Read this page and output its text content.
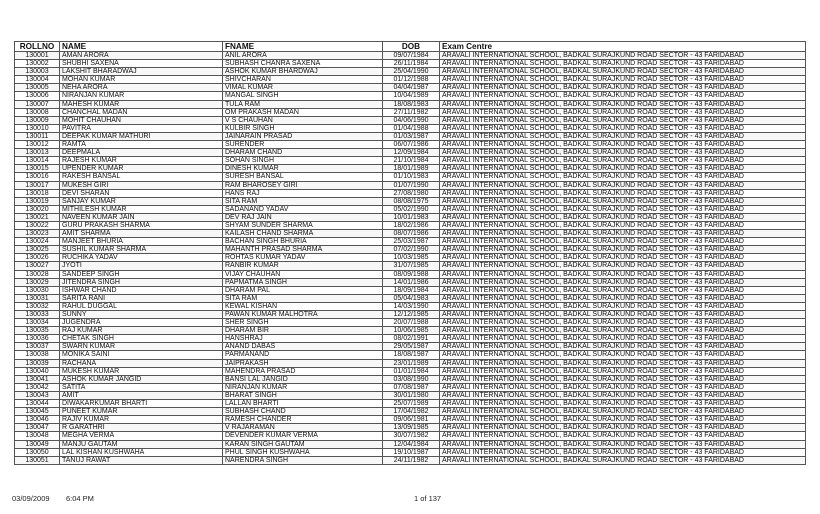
ROLLNO	NAME	FNAME	DOB	Exam Centre
130001	AMAN ARORA	ANIL ARORA	09/07/1984	ARAVALI INTERNATIONAL SCHOOL, BADKAL SURAJKUND ROAD SECTOR - 43 FARIDABAD
130002	SHUBHI SAXENA	SUBHASH CHANRA SAXENA	26/11/1984	ARAVALI INTERNATIONAL SCHOOL, BADKAL SURAJKUND ROAD SECTOR - 43 FARIDABAD
130003	LAKSHIT BHARADWAJ	ASHOK KUMAR BHARDWAJ	25/04/1990	ARAVALI INTERNATIONAL SCHOOL, BADKAL SURAJKUND ROAD SECTOR - 43 FARIDABAD
130004	MOHAN KUMAR	SHIVCHARAN	01/12/1988	ARAVALI INTERNATIONAL SCHOOL, BADKAL SURAJKUND ROAD SECTOR - 43 FARIDABAD
130005	NEHA ARORA	VIMAL KUMAR	04/04/1987	ARAVALI INTERNATIONAL SCHOOL, BADKAL SURAJKUND ROAD SECTOR - 43 FARIDABAD
130006	NIRANJAN KUMAR	MANGAL SINGH	10/04/1989	ARAVALI INTERNATIONAL SCHOOL, BADKAL SURAJKUND ROAD SECTOR - 43 FARIDABAD
130007	MAHESH KUMAR	TULA RAM	18/08/1983	ARAVALI INTERNATIONAL SCHOOL, BADKAL SURAJKUND ROAD SECTOR - 43 FARIDABAD
130008	CHANCHAL MADAN	OM PRAKASH MADAN	27/11/1982	ARAVALI INTERNATIONAL SCHOOL, BADKAL SURAJKUND ROAD SECTOR - 43 FARIDABAD
130009	MOHIT CHAUHAN	V S CHAUHAN	04/06/1990	ARAVALI INTERNATIONAL SCHOOL, BADKAL SURAJKUND ROAD SECTOR - 43 FARIDABAD
130010	PAVITRA	KULBIR SINGH	01/04/1988	ARAVALI INTERNATIONAL SCHOOL, BADKAL SURAJKUND ROAD SECTOR - 43 FARIDABAD
130011	DEEPAK KUMAR MATHURI	JAINARAIN PRASAD	01/03/1987	ARAVALI INTERNATIONAL SCHOOL, BADKAL SURAJKUND ROAD SECTOR - 43 FARIDABAD
130012	RAMTA	SURENDER	06/07/1986	ARAVALI INTERNATIONAL SCHOOL, BADKAL SURAJKUND ROAD SECTOR - 43 FARIDABAD
130013	DEEPMALA	DHARAM CHAND	12/09/1984	ARAVALI INTERNATIONAL SCHOOL, BADKAL SURAJKUND ROAD SECTOR - 43 FARIDABAD
130014	RAJESH KUMAR	SOHAN SINGH	21/10/1984	ARAVALI INTERNATIONAL SCHOOL, BADKAL SURAJKUND ROAD SECTOR - 43 FARIDABAD
130015	UPENDER KUMAR	DINESH KUMAR	18/01/1989	ARAVALI INTERNATIONAL SCHOOL, BADKAL SURAJKUND ROAD SECTOR - 43 FARIDABAD
130016	RAKESH BANSAL	SURESH BANSAL	01/10/1983	ARAVALI INTERNATIONAL SCHOOL, BADKAL SURAJKUND ROAD SECTOR - 43 FARIDABAD
130017	MUKESH GIRI	RAM BHAROSEY GIRI	01/07/1990	ARAVALI INTERNATIONAL SCHOOL, BADKAL SURAJKUND ROAD SECTOR - 43 FARIDABAD
130018	DEVI SHARAN	HANS RAJ	27/08/1980	ARAVALI INTERNATIONAL SCHOOL, BADKAL SURAJKUND ROAD SECTOR - 43 FARIDABAD
130019	SANJAY KUMAR	SITA RAM	08/08/1975	ARAVALI INTERNATIONAL SCHOOL, BADKAL SURAJKUND ROAD SECTOR - 43 FARIDABAD
130020	MITHILESH KUMAR	SADANAND YADAV	05/02/1990	ARAVALI INTERNATIONAL SCHOOL, BADKAL SURAJKUND ROAD SECTOR - 43 FARIDABAD
130021	NAVEEN KUMAR JAIN	DEV RAJ JAIN	10/01/1983	ARAVALI INTERNATIONAL SCHOOL, BADKAL SURAJKUND ROAD SECTOR - 43 FARIDABAD
130022	GURU PRAKASH SHARMA	SHYAM SUNDER SHARMA	18/02/1986	ARAVALI INTERNATIONAL SCHOOL, BADKAL SURAJKUND ROAD SECTOR - 43 FARIDABAD
130023	AMIT SHARMA	KAILASH CHAND SHARMA	08/07/1986	ARAVALI INTERNATIONAL SCHOOL, BADKAL SURAJKUND ROAD SECTOR - 43 FARIDABAD
130024	MANJEET BHURIA	BACHAN SINGH BHURIA	25/03/1987	ARAVALI INTERNATIONAL SCHOOL, BADKAL SURAJKUND ROAD SECTOR - 43 FARIDABAD
130025	SUSHIL KUMAR SHARMA	MAHANTH PRASAD SHARMA	07/02/1990	ARAVALI INTERNATIONAL SCHOOL, BADKAL SURAJKUND ROAD SECTOR - 43 FARIDABAD
130026	RUCHIKA YADAV	ROHTAS KUMAR YADAV	10/03/1985	ARAVALI INTERNATIONAL SCHOOL, BADKAL SURAJKUND ROAD SECTOR - 43 FARIDABAD
130027	JYOTI	RANBIR KUMAR	31/07/1985	ARAVALI INTERNATIONAL SCHOOL, BADKAL SURAJKUND ROAD SECTOR - 43 FARIDABAD
130028	SANDEEP SINGH	VIJAY CHAUHAN	08/09/1988	ARAVALI INTERNATIONAL SCHOOL, BADKAL SURAJKUND ROAD SECTOR - 43 FARIDABAD
130029	JITENDRA SINGH	PAPMATMA SINGH	14/01/1986	ARAVALI INTERNATIONAL SCHOOL, BADKAL SURAJKUND ROAD SECTOR - 43 FARIDABAD
130030	ISHWAR CHAND	DHARAM PAL	18/09/1984	ARAVALI INTERNATIONAL SCHOOL, BADKAL SURAJKUND ROAD SECTOR - 43 FARIDABAD
130031	SARITA RANI	SITA RAM	05/04/1983	ARAVALI INTERNATIONAL SCHOOL, BADKAL SURAJKUND ROAD SECTOR - 43 FARIDABAD
130032	RAHUL DUGGAL	KEWAL KISHAN	14/03/1990	ARAVALI INTERNATIONAL SCHOOL, BADKAL SURAJKUND ROAD SECTOR - 43 FARIDABAD
130033	SUNNY	PAWAN KUMAR MALHOTRA	12/12/1985	ARAVALI INTERNATIONAL SCHOOL, BADKAL SURAJKUND ROAD SECTOR - 43 FARIDABAD
130034	JUGENDRA	SHER SINGH	20/07/1988	ARAVALI INTERNATIONAL SCHOOL, BADKAL SURAJKUND ROAD SECTOR - 43 FARIDABAD
130035	RAJ KUMAR	DHARAM BIR	10/06/1985	ARAVALI INTERNATIONAL SCHOOL, BADKAL SURAJKUND ROAD SECTOR - 43 FARIDABAD
130036	CHETAK SINGH	HANSHRAJ	08/02/1991	ARAVALI INTERNATIONAL SCHOOL, BADKAL SURAJKUND ROAD SECTOR - 43 FARIDABAD
130037	SWARN KUMAR	ANAND DABAS	29/05/1987	ARAVALI INTERNATIONAL SCHOOL, BADKAL SURAJKUND ROAD SECTOR - 43 FARIDABAD
130038	MONIKA SAINI	PARMANAND	18/08/1987	ARAVALI INTERNATIONAL SCHOOL, BADKAL SURAJKUND ROAD SECTOR - 43 FARIDABAD
130039	RACHANA	JAIPRAKASH	23/01/1989	ARAVALI INTERNATIONAL SCHOOL, BADKAL SURAJKUND ROAD SECTOR - 43 FARIDABAD
130040	MUKESH KUMAR	MAHENDRA PRASAD	01/01/1984	ARAVALI INTERNATIONAL SCHOOL, BADKAL SURAJKUND ROAD SECTOR - 43 FARIDABAD
130041	ASHOK KUMAR JANGID	BANSI LAL JANGID	03/08/1990	ARAVALI INTERNATIONAL SCHOOL, BADKAL SURAJKUND ROAD SECTOR - 43 FARIDABAD
130042	SATITA	NIRANJAN KUMAR	07/08/1987	ARAVALI INTERNATIONAL SCHOOL, BADKAL SURAJKUND ROAD SECTOR - 43 FARIDABAD
130043	AMIT	BHARAT SINGH	30/01/1980	ARAVALI INTERNATIONAL SCHOOL, BADKAL SURAJKUND ROAD SECTOR - 43 FARIDABAD
130044	DIWAKARKUMAR BHARTI	LALLAN BHARTI	25/07/1989	ARAVALI INTERNATIONAL SCHOOL, BADKAL SURAJKUND ROAD SECTOR - 43 FARIDABAD
130045	PUNEET KUMAR	SUBHASH CHAND	17/04/1982	ARAVALI INTERNATIONAL SCHOOL, BADKAL SURAJKUND ROAD SECTOR - 43 FARIDABAD
130046	RAJIV KUMAR	RAMESH CHANDER	09/06/1981	ARAVALI INTERNATIONAL SCHOOL, BADKAL SURAJKUND ROAD SECTOR - 43 FARIDABAD
130047	R GARATHRI	V RAJARAMAN	13/09/1985	ARAVALI INTERNATIONAL SCHOOL, BADKAL SURAJKUND ROAD SECTOR - 43 FARIDABAD
130048	MEGHA VERMA	DEVENDER KUMAR VERMA	30/07/1982	ARAVALI INTERNATIONAL SCHOOL, BADKAL SURAJKUND ROAD SECTOR - 43 FARIDABAD
130049	MANJU GAUTAM	KARAN SINGH GAUTAM	12/04/1984	ARAVALI INTERNATIONAL SCHOOL, BADKAL SURAJKUND ROAD SECTOR - 43 FARIDABAD
130050	LAL KISHAN KUSHWAHA	PHUL SINGH KUSHWAHA	19/10/1987	ARAVALI INTERNATIONAL SCHOOL, BADKAL SURAJKUND ROAD SECTOR - 43 FARIDABAD
130051	TANUJ RAWAT	NARENDRA SINGH	24/11/1982	ARAVALI INTERNATIONAL SCHOOL, BADKAL SURAJKUND ROAD SECTOR - 43 FARIDABAD
03/09/2009 6:04 PM	1 of 137
